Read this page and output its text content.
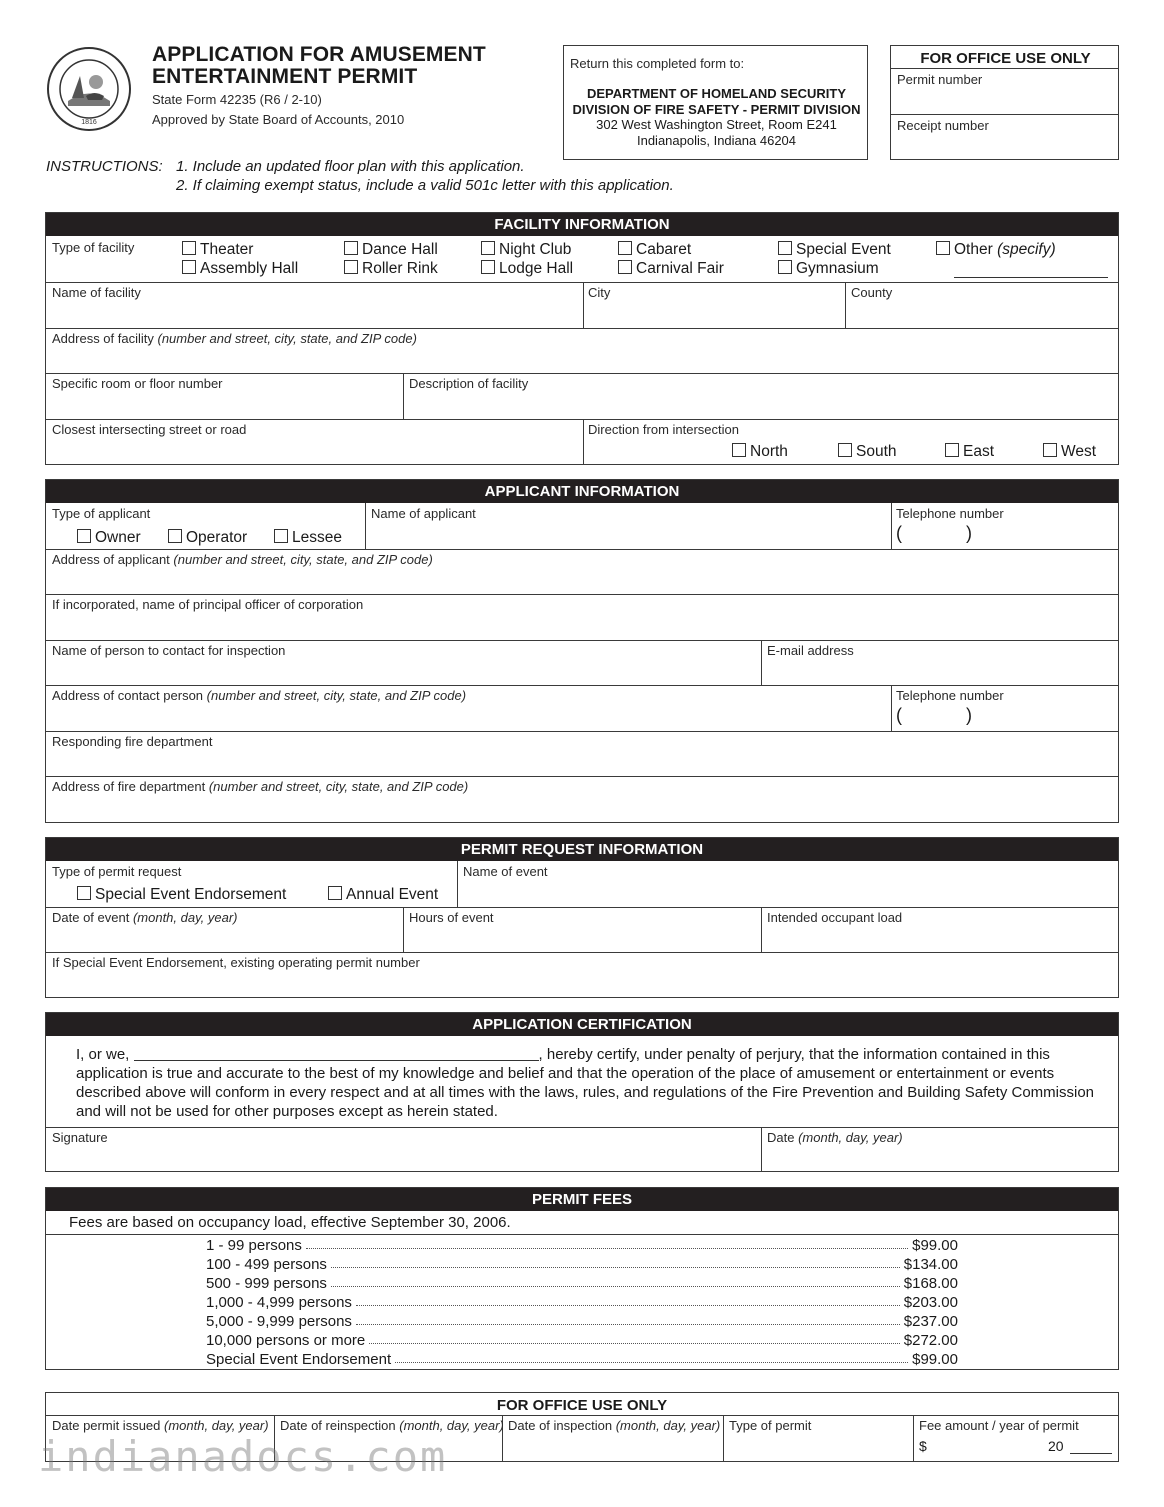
1816
APPLICATION FOR AMUSEMENT
ENTERTAINMENT PERMIT
State Form 42235 (R6 / 2-10)
Approved by State Board of Accounts, 2010
Return this completed form to:
DEPARTMENT OF HOMELAND SECURITY
DIVISION OF FIRE SAFETY - PERMIT DIVISION
302 West Washington Street, Room E241
Indianapolis, Indiana 46204
FOR OFFICE USE ONLY
Permit number
Receipt number
INSTRUCTIONS: 1. Include an updated floor plan with this application.
2. If claiming exempt status, include a valid 501c letter with this application.
FACILITY INFORMATION
Type of facility	Theater
Assembly Hall
Dance Hall
Roller Rink
Night Club
Lodge Hall
Cabaret
Carnival Fair
Special Event
Gymnasium
Other (specify)
Name of facility	City	County
Address of facility (number and street, city, state, and ZIP code)
Specific room or floor number	Description of facility
Closest intersecting street or road	Direction from intersection
North	South	East	West
APPLICANT INFORMATION
Type of applicant
Owner	Operator	Lessee
Name of applicant	Telephone number
(	)
Address of applicant (number and street, city, state, and ZIP code)
If incorporated, name of principal officer of corporation
Name of person to contact for inspection	E-mail address
Address of contact person (number and street, city, state, and ZIP code)	Telephone number
(	)
Responding fire department
Address of fire department (number and street, city, state, and ZIP code)
PERMIT REQUEST INFORMATION
Type of permit request
Special Event Endorsement	Annual Event
Name of event
Date of event (month, day, year)	Hours of event	Intended occupant load
If Special Event Endorsement, existing operating permit number
APPLICATION CERTIFICATION
I, or we,	, hereby certify, under penalty of perjury, that the information contained in this
application is true and accurate to the best of my knowledge and belief and that the operation of the place of amusement or entertainment or events
described above will conform in every respect and at all times with the laws, rules, and regulations of the Fire Prevention and Building Safety Commission
and will not be used for other purposes except as herein stated.
Signature	Date (month, day, year)
PERMIT FEES
Fees are based on occupancy load, effective September 30, 2006.
1 - 99 persons	$99.00
100 - 499 persons	$134.00
500 - 999 persons	$168.00
1,000 - 4,999 persons	$203.00
5,000 - 9,999 persons	$237.00
10,000 persons or more	$272.00
Special Event Endorsement	$99.00
FOR OFFICE USE ONLY
Date permit issued (month, day, year) Date of reinspection (month, day, year) Date of inspection (month, day, year) Type of permit	Fee amount / year of permit
$	20
indianadocs.com
